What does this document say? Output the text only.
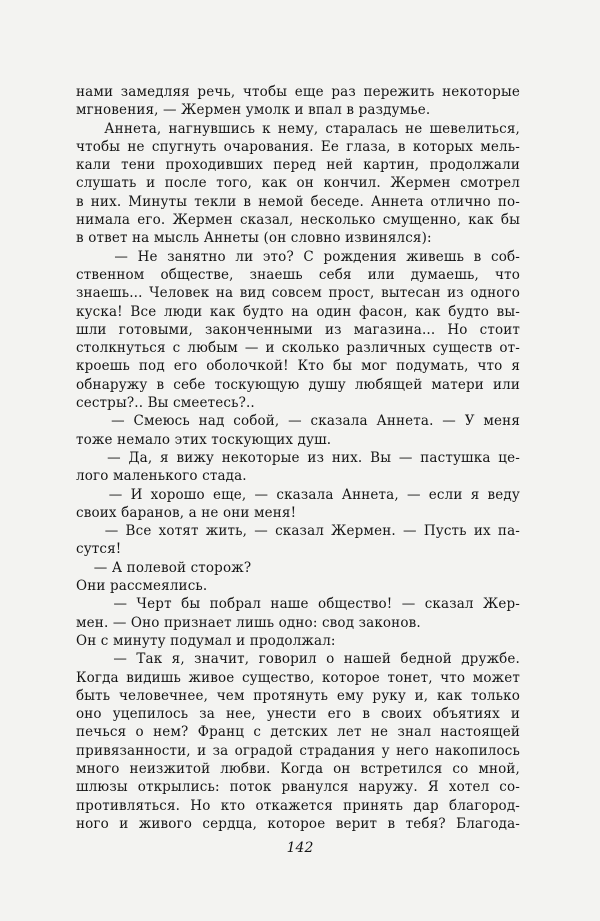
нами замедляя речь, чтобы еще раз пережить некоторые
мгновения, — Жермен умолк и впал в раздумье.
Аннета, нагнувшись к нему, старалась не шевелиться,
чтобы не спугнуть очарования. Ее глаза, в которых мель-
кали тени проходивших перед ней картин, продолжали
слушать и после того, как он кончил. Жермен смотрел
в них. Минуты текли в немой беседе. Аннета отлично по-
нимала его. Жермен сказал, несколько смущенно, как бы
в ответ на мысль Аннеты (он словно извинялся):
— Не занятно ли это? С рождения живешь в соб-
ственном обществе, знаешь себя или думаешь, что
знаешь... Человек на вид совсем прост, вытесан из одного
куска! Все люди как будто на один фасон, как будто вы-
шли готовыми, законченными из магазина... Но стоит
столкнуться с любым — и сколько различных существ от-
кроешь под его оболочкой! Кто бы мог подумать, что я
обнаружу в себе тоскующую душу любящей матери или
сестры?.. Вы смеетесь?..
— Смеюсь над собой, — сказала Аннета. — У меня
тоже немало этих тоскующих душ.
— Да, я вижу некоторые из них. Вы — пастушка це-
лого маленького стада.
— И хорошо еще, — сказала Аннета, — если я веду
своих баранов, а не они меня!
— Все хотят жить, — сказал Жермен. — Пусть их па-
сутся!
— А полевой сторож?
Они рассмеялись.
— Черт бы побрал наше общество! — сказал Жер-
мен. — Оно признает лишь одно: свод законов.
Он с минуту подумал и продолжал:
— Так я, значит, говорил о нашей бедной дружбе.
Когда видишь живое существо, которое тонет, что может
быть человечнее, чем протянуть ему руку и, как только
оно уцепилось за нее, унести его в своих объятиях и
печься о нем? Франц с детских лет не знал настоящей
привязанности, и за оградой страдания у него накопилось
много неизжитой любви. Когда он встретился со мной,
шлюзы открылись: поток рванулся наружу. Я хотел со-
противляться. Но кто откажется принять дар благород-
ного и живого сердца, которое верит в тебя? Благода-
142
